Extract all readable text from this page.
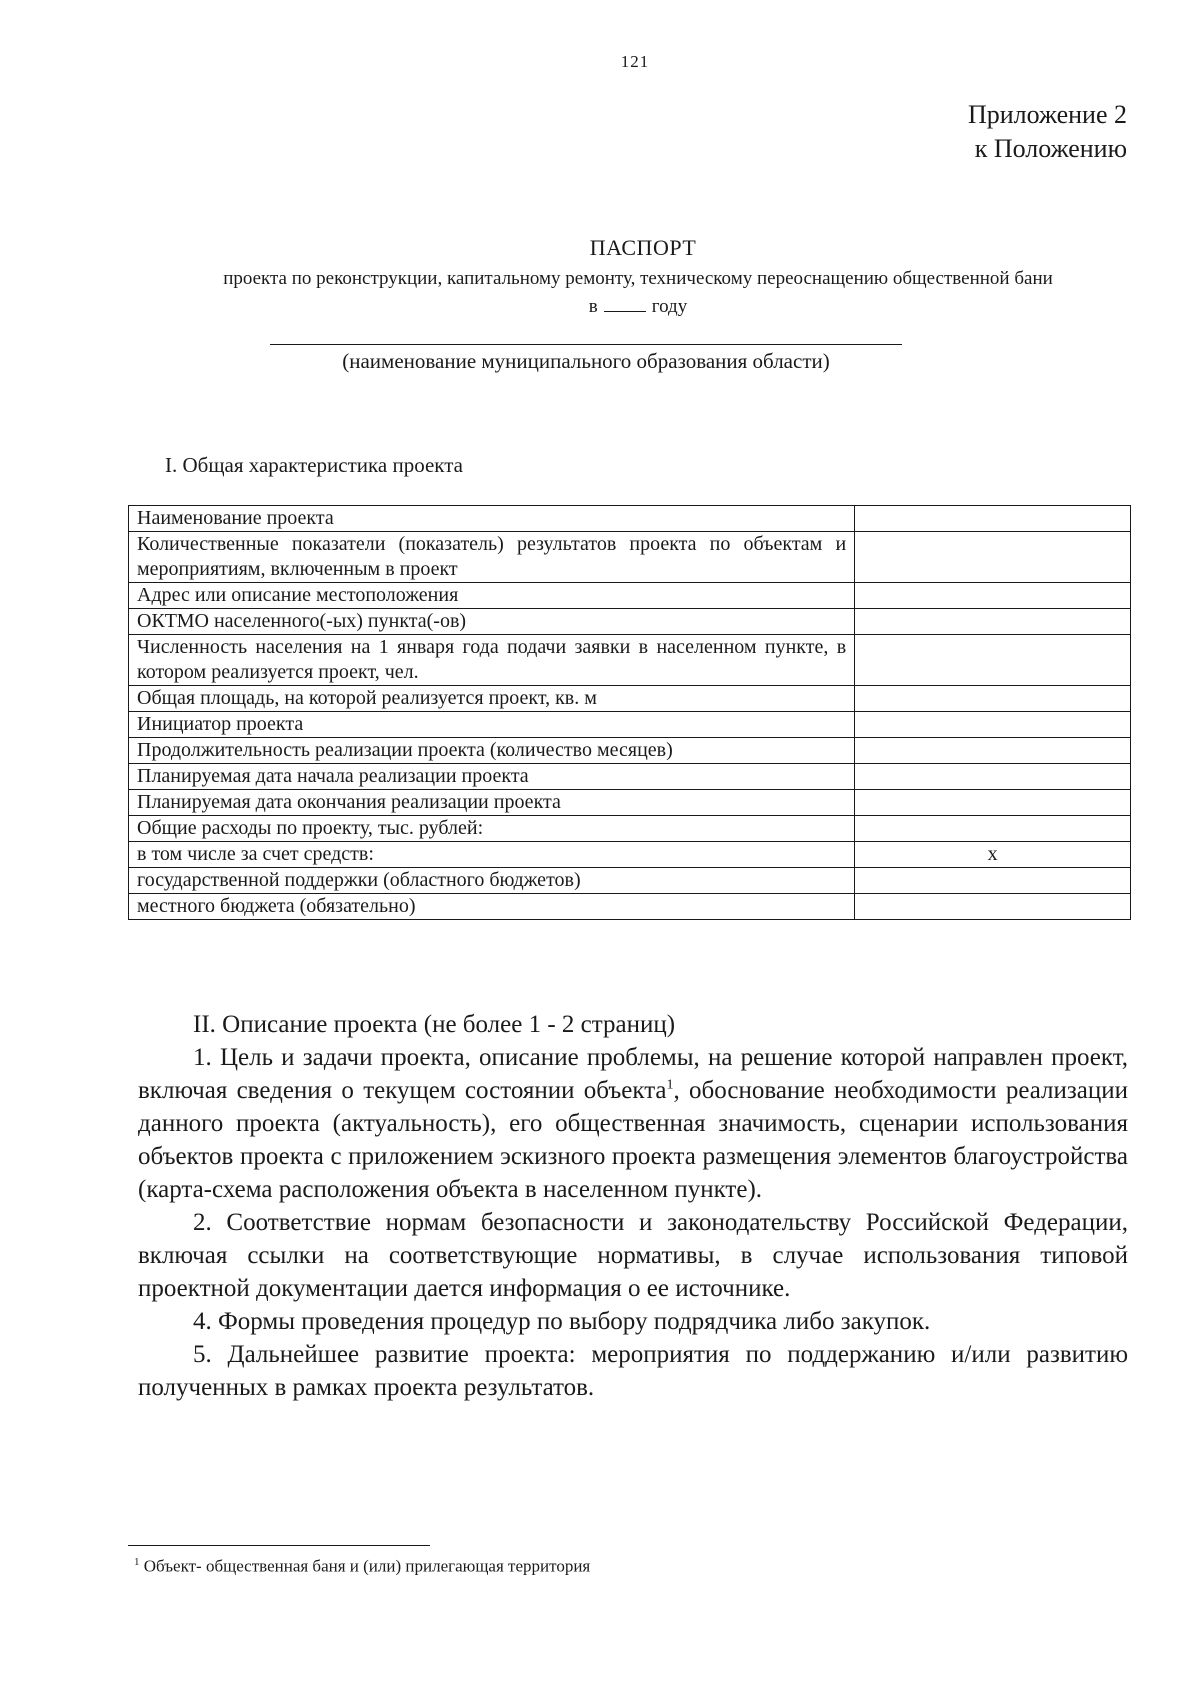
121
Приложение 2
к Положению
ПАСПОРТ
проекта по реконструкции, капитальному ремонту, техническому переоснащению общественной бани
в	году
(наименование муниципального образования области)
I. Общая характеристика проекта
Наименование проекта	
Количественные показатели (показатель) результатов проекта по объектам и мероприятиям, включенным в проект	
Адрес или описание местоположения	
ОКТМО населенного(-ых) пункта(-ов)	
Численность населения на 1 января года подачи заявки в населенном пункте, в котором реализуется проект, чел.	
Общая площадь, на которой реализуется проект, кв. м	
Инициатор проекта	
Продолжительность реализации проекта (количество месяцев)	
Планируемая дата начала реализации проекта	
Планируемая дата окончания реализации проекта	
Общие расходы по проекту, тыс. рублей:	
в том числе за счет средств:	х
государственной поддержки (областного бюджетов)	
местного бюджета (обязательно)	
II. Описание проекта (не более 1 - 2 страниц)

1. Цель и задачи проекта, описание проблемы, на решение которой направлен проект, включая сведения о текущем состоянии объекта$^1$, обоснование необходимости реализации данного проекта (актуальность), его общественная значимость, сценарии использования объектов проекта с приложением эскизного проекта размещения элементов благоустройства (карта-схема расположения объекта в населенном пункте).

2. Соответствие нормам безопасности и законодательству Российской Федерации, включая ссылки на соответствующие нормативы, в случае использования типовой проектной документации дается информация о ее источнике.

4. Формы проведения процедур по выбору подрядчика либо закупок.

5. Дальнейшее развитие проекта: мероприятия по поддержанию и/или развитию полученных в рамках проекта результатов.

$^1$ Объект- общественная баня и (или) прилегающая территория
